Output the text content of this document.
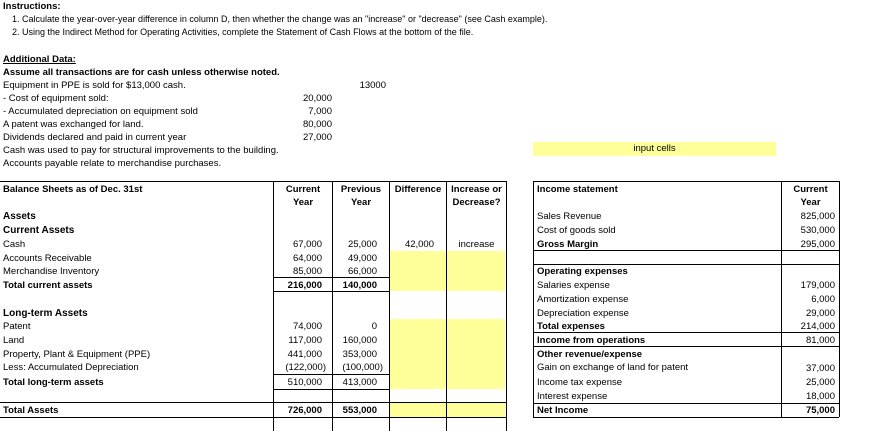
Instructions:
1. Calculate the year-over-year difference in column D, then whether the change was an "increase" or "decrease" (see Cash example).
2. Using the Indirect Method for Operating Activities, complete the Statement of Cash Flows at the bottom of the file.
Additional Data:
Assume all transactions are for cash unless otherwise noted.
Equipment in PPE is sold for $13,000 cash.	13000
- Cost of equipment sold:	20,000
- Accumulated depreciation on equipment sold	7,000
A patent was exchanged for land.	80,000
Dividends declared and paid in current year	27,000
Cash was used to pay for structural improvements to the building.
Accounts payable relate to merchandise purchases.
input cells
Balance Sheets as of Dec. 31st	Current
Year
Previous
Year
Difference	Increase or
Decrease?
Assets
Current Assets
Cash	67,000	25,000	42,000	increase
Accounts Receivable	64,000	49,000
Merchandise Inventory	85,000	66,000
Total current assets	216,000	140,000
Long-term Assets
Patent	74,000	0
Land	117,000	160,000
Property, Plant & Equipment (PPE)	441,000	353,000
Less: Accumulated Depreciation	(122,000)	(100,000)
Total long-term assets	510,000	413,000
Total Assets	726,000	553,000
Income statement	Current
Year
Sales Revenue	825,000
Cost of goods sold	530,000
Gross Margin	295,000
Operating expenses
Salaries expense	179,000
Amortization expense	6,000
Depreciation expense	29,000
Total expenses	214,000
Income from operations	81,000
Other revenue/expense
Gain on exchange of land for patent	37,000
Income tax expense	25,000
Interest expense	18,000
Net Income	75,000
